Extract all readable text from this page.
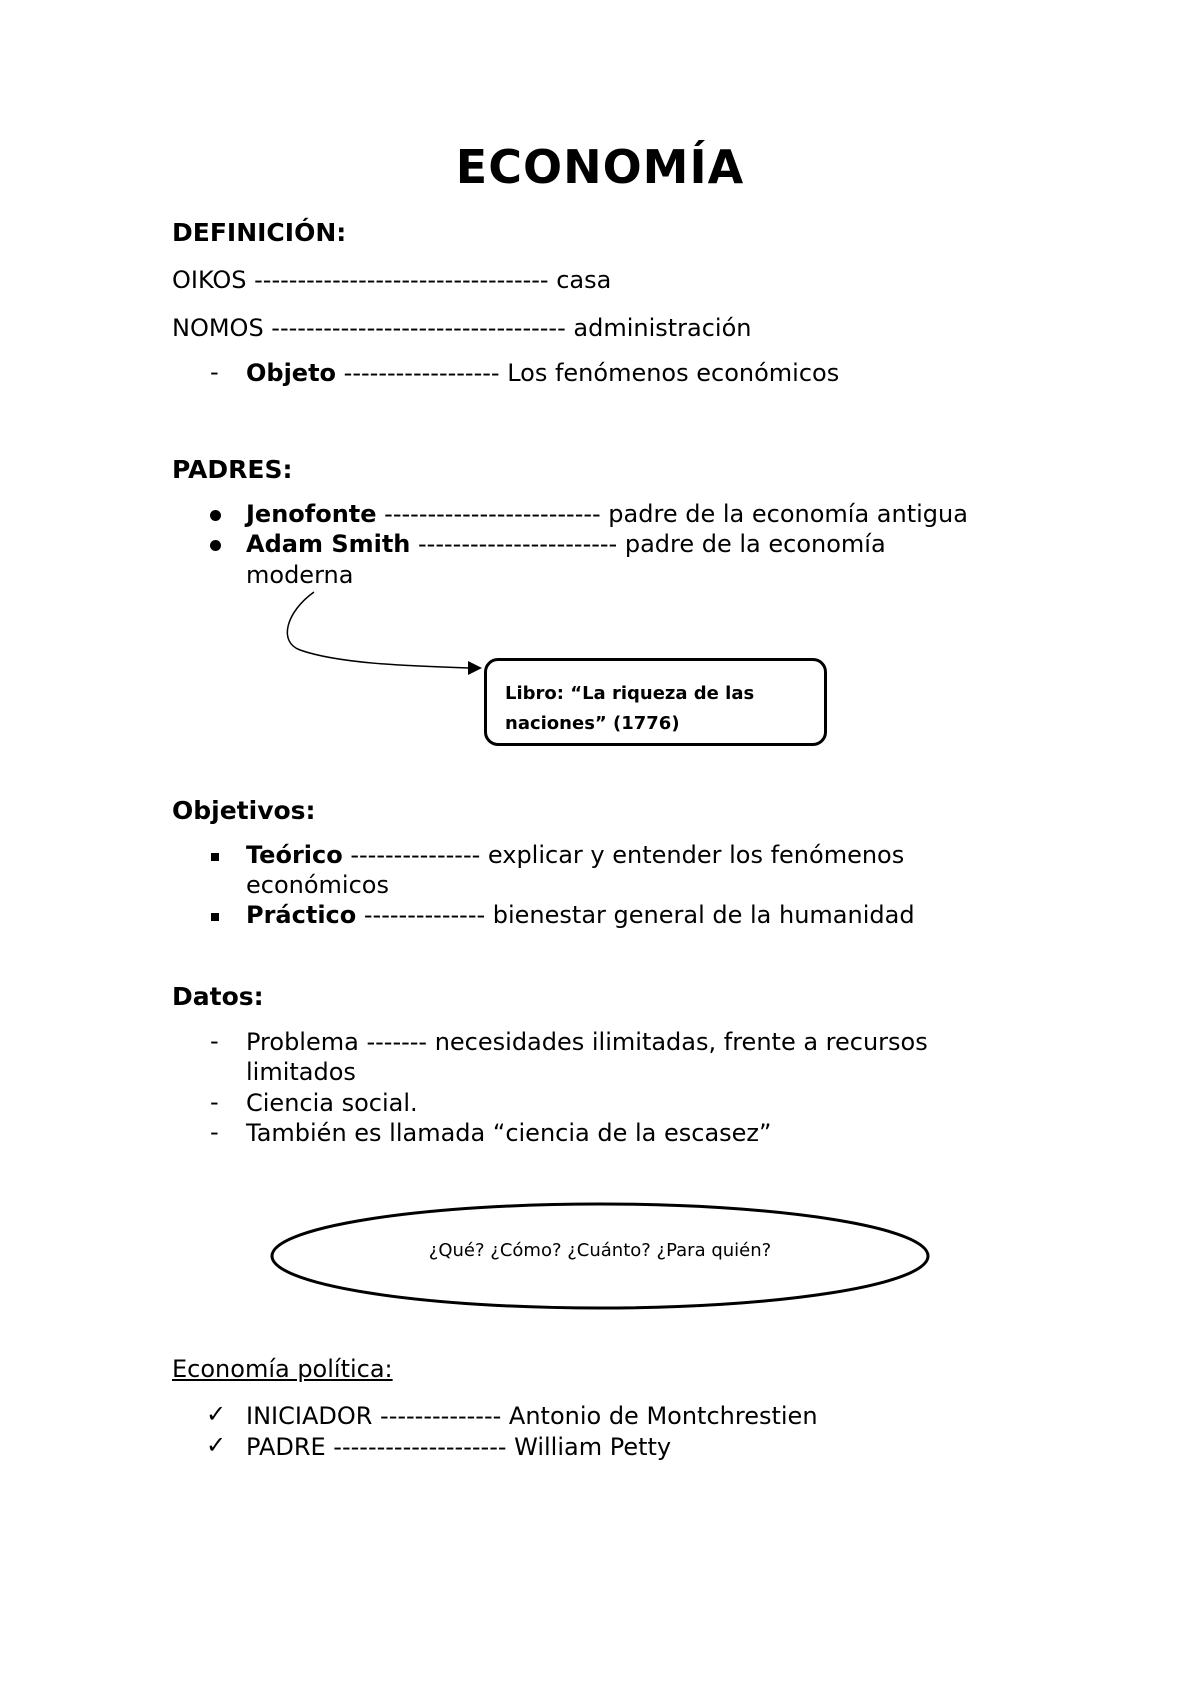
ECONOMÍA
DEFINICIÓN:
OIKOS ---------------------------------- casa
NOMOS ---------------------------------- administración
- Objeto ------------------ Los fenómenos económicos
PADRES:
Jenofonte ------------------------- padre de la economía antigua
Adam Smith ----------------------- padre de la economía
moderna
Libro: “La riqueza de las naciones” (1776)
Objetivos:
Teórico --------------- explicar y entender los fenómenos
económicos
Práctico -------------- bienestar general de la humanidad
Datos:
- Problema ------- necesidades ilimitadas, frente a recursos
limitados
- Ciencia social.
- También es llamada “ciencia de la escasez”
¿Qué? ¿Cómo? ¿Cuánto? ¿Para quién?
Economía política:
✓ INICIADOR -------------- Antonio de Montchrestien
✓ PADRE -------------------- William Petty
